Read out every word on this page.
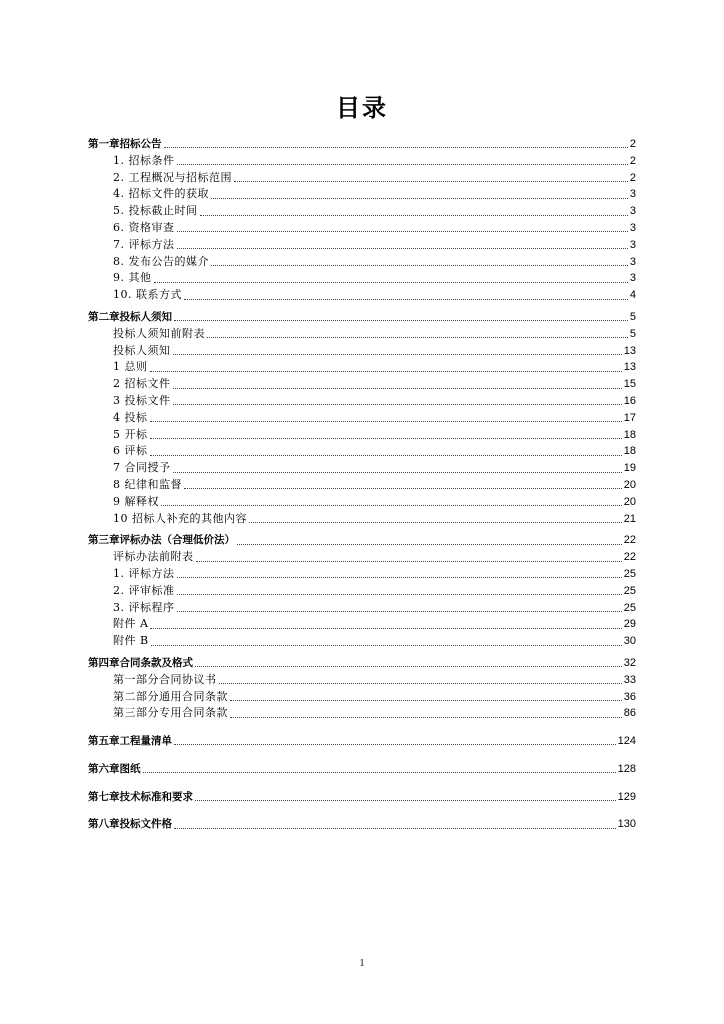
目录
第一章招标公告	2
1. 招标条件	2
2. 工程概况与招标范围	2
4. 招标文件的获取	3
5. 投标截止时间	3
6. 资格审查	3
7. 评标方法	3
8. 发布公告的媒介	3
9. 其他	3
10. 联系方式	4
第二章投标人须知	5
投标人须知前附表	5
投标人须知	13
1 总则	13
2 招标文件	15
3 投标文件	16
4 投标	17
5 开标	18
6 评标	18
7 合同授予	19
8 纪律和监督	20
9 解释权	20
10 招标人补充的其他内容	21
第三章评标办法（合理低价法）	22
评标办法前附表	22
1. 评标方法	25
2. 评审标准	25
3. 评标程序	25
附件 A	29
附件 B	30
第四章合同条款及格式	32
第一部分合同协议书	33
第二部分通用合同条款	36
第三部分专用合同条款	86
第五章工程量清单	124
第六章图纸	128
第七章技术标准和要求	129
第八章投标文件格	130
1
